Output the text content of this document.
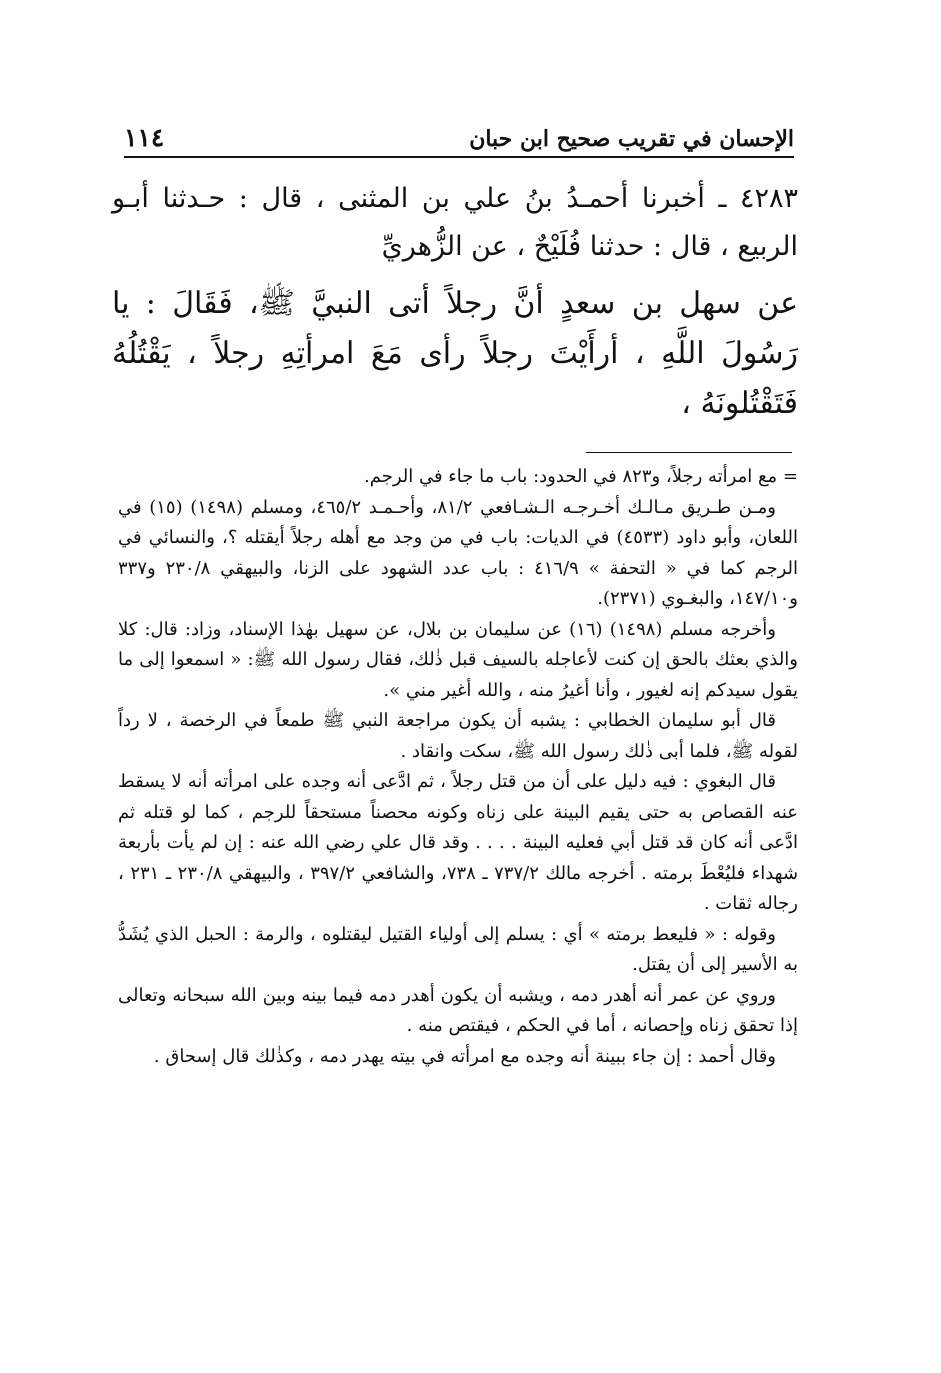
١١٤	الإحسان في تقريب صحيح ابن حبان

٤٢٨٣ ـ أخبرنا أحمـدُ بنُ علي بن المثنى ، قال : حـدثنا أبـو الربيع ، قال : حدثنا فُلَيْحٌ ، عن الزُّهريِّ

عن سهل بن سعدٍ أنَّ رجلاً أتى النبيَّ ﷺ، فَقَالَ : يا رَسُولَ اللَّهِ ، أرأَيْتَ رجلاً رأى مَعَ امرأتِهِ رجلاً ، يَقْتُلُهُ فَتَقْتُلونَهُ ،

= مع امرأته رجلاً، و٨٢٣ في الحدود: باب ما جاء في الرجم.

ومـن طـريق مـالـك أخـرجـه الـشـافعي ٨١/٢، وأحـمـد ٤٦٥/٢، ومسلم (١٤٩٨) (١٥) في اللعان، وأبو داود (٤٥٣٣) في الديات: باب في من وجد مع أهله رجلاً أيقتله ؟، والنسائي في الرجم كما في « التحفة » ٤١٦/٩ : باب عدد الشهود على الزنا، والبيهقي ٢٣٠/٨ و٣٣٧ و١٤٧/١٠، والبغـوي (٢٣٧١).

وأخرجه مسلم (١٤٩٨) (١٦) عن سليمان بن بلال، عن سهيل بهٰذا الإسناد، وزاد: قال: كلا والذي بعثك بالحق إن كنت لأعاجله بالسيف قبل ذٰلك، فقال رسول الله ﷺ: « اسمعوا إلى ما يقول سيدكم إنه لغيور ، وأنا أغيرُ منه ، والله أغير مني ».

قال أبو سليمان الخطابي : يشبه أن يكون مراجعة النبي ﷺ طمعاً في الرخصة ، لا رداً لقوله ﷺ، فلما أبى ذٰلك رسول الله ﷺ، سكت وانقاد .

قال البغوي : فيه دليل على أن من قتل رجلاً ، ثم ادَّعى أنه وجده على امرأته أنه لا يسقط عنه القصاص به حتى يقيم البينة على زناه وكونه محصناً مستحقاً للرجم ، كما لو قتله ثم ادَّعى أنه كان قد قتل أبي فعليه البينة . . . . وقد قال علي رضي الله عنه : إن لم يأت بأربعة شهداء فليُعْطَ برمته . أخرجه مالك ٧٣٧/٢ ـ ٧٣٨، والشافعي ٣٩٧/٢ ، والبيهقي ٢٣٠/٨ ـ ٢٣١ ، رجاله ثقات .

وقوله : « فليعط برمته » أي : يسلم إلى أولياء القتيل ليقتلوه ، والرمة : الحبل الذي يُشَدُّ به الأسير إلى أن يقتل.

وروي عن عمر أنه أهدر دمه ، ويشبه أن يكون أهدر دمه فيما بينه وبين الله سبحانه وتعالى إذا تحقق زناه وإحصانه ، أما في الحكم ، فيقتص منه .

وقال أحمد : إن جاء ببينة أنه وجده مع امرأته في بيته يهدر دمه ، وكذٰلك قال إسحاق .
